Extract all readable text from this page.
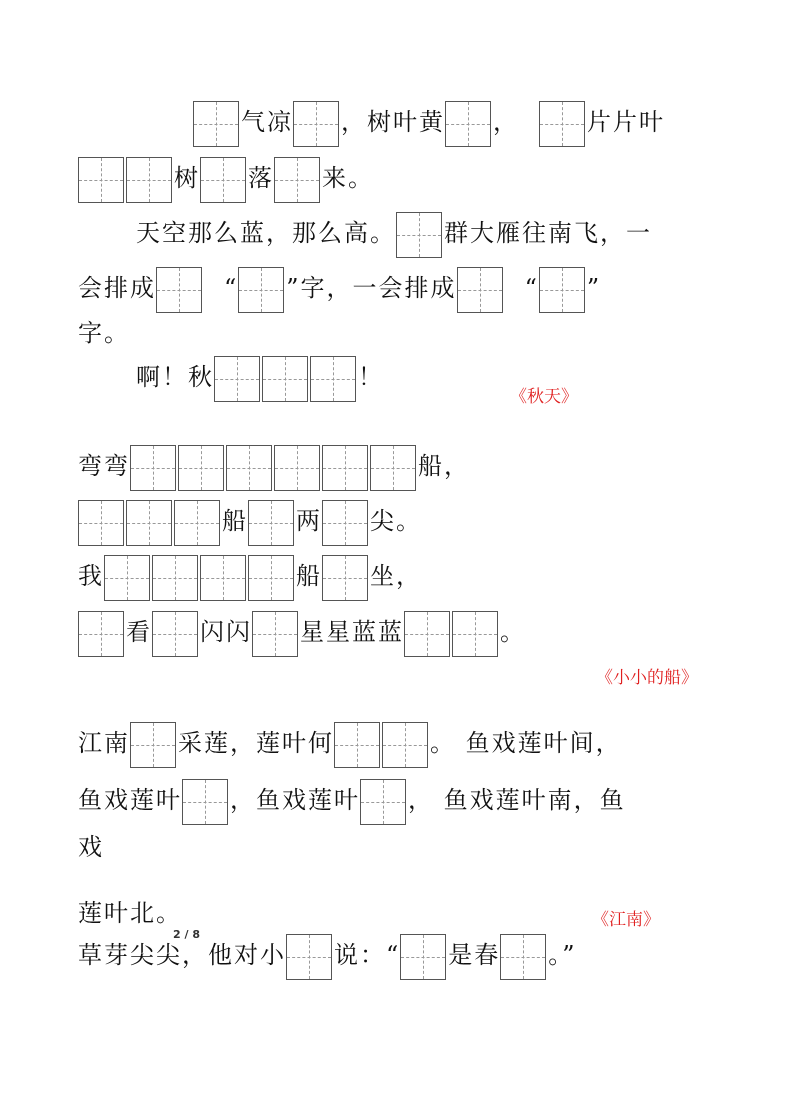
气凉 ，树叶黄 ，	片片叶
树 落 来。
天空那么蓝，那么高。 群大雁往南飞，一
会排成	“ ”字，一会排成	“ ”
字。
啊！秋	！
《秋天》
弯弯	船，
船 两 尖。
我	船 坐，
看 闪闪 星星蓝蓝	。
《小小的船》
江南 采莲，莲叶何	。 鱼戏莲叶间，
鱼戏莲叶 ，鱼戏莲叶 ， 鱼戏莲叶南，鱼
戏
莲叶北。	《江南》
2 / 8
草芽尖尖，他对小 说：“ 是春 。”
